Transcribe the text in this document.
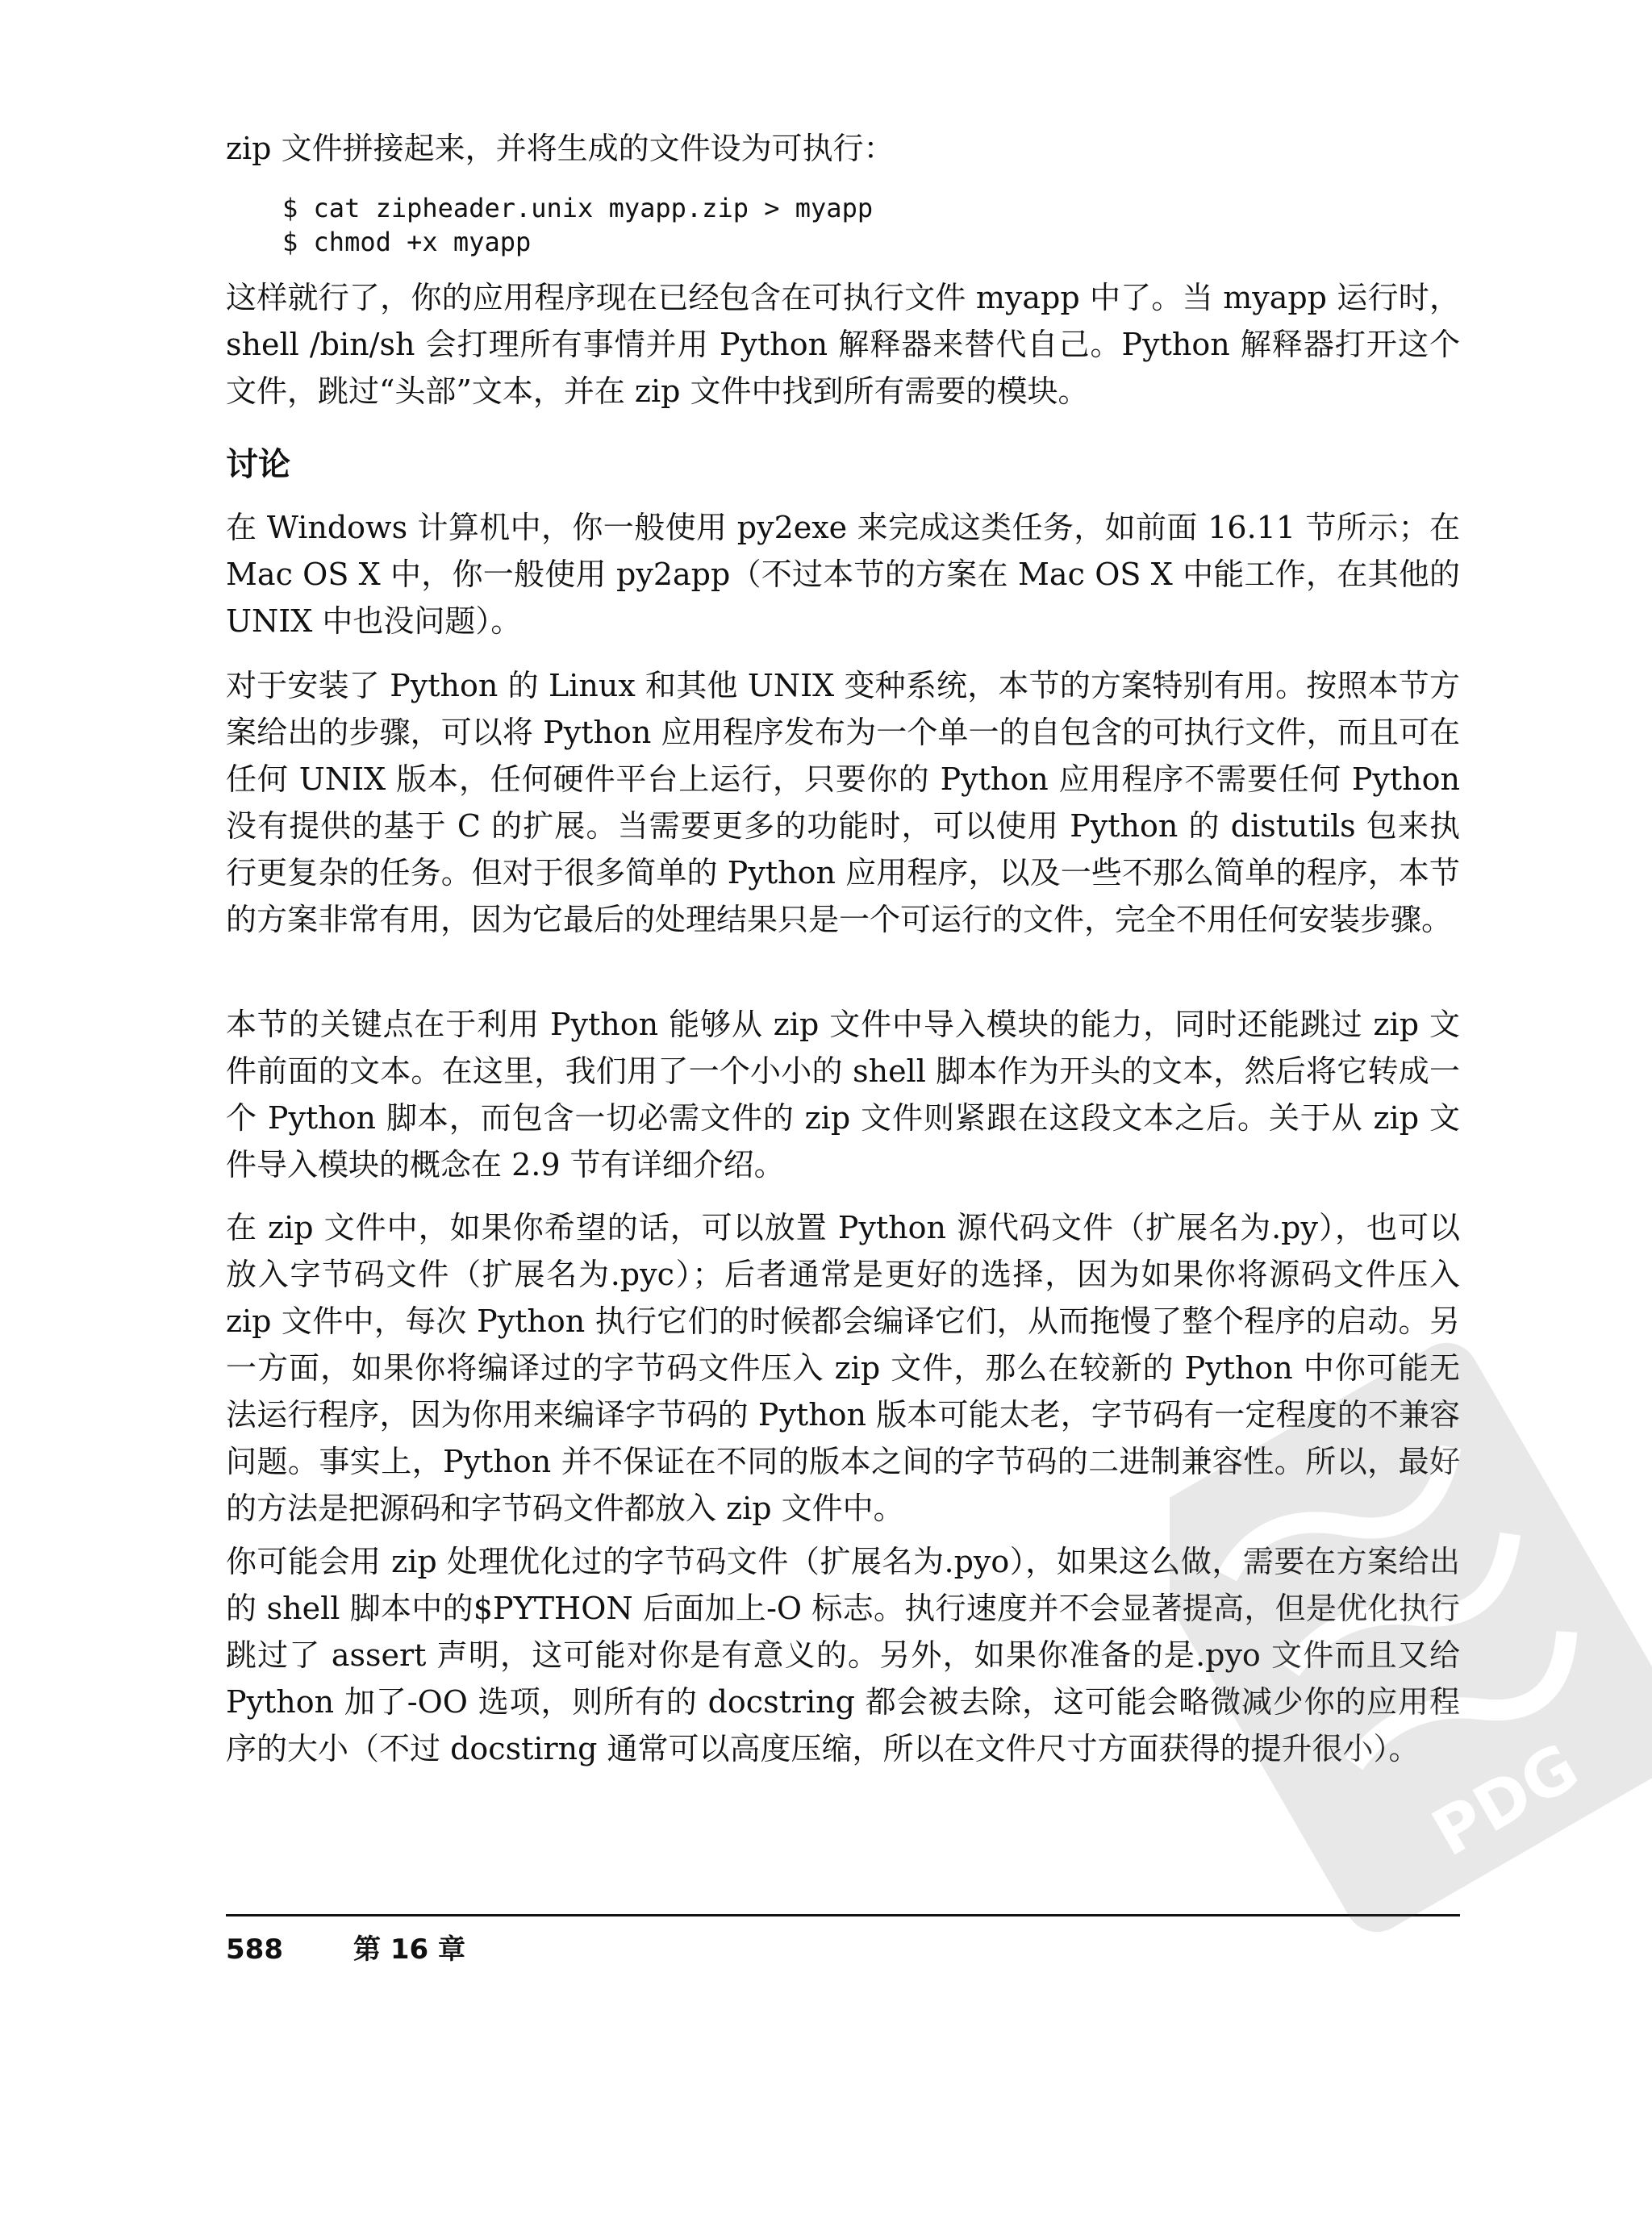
zip 文件拼接起来，并将生成的文件设为可执行：

$ cat zipheader.unix myapp.zip > myapp
$ chmod +x myapp

这样就行了，你的应用程序现在已经包含在可执行文件 myapp 中了。当 myapp 运行时，shell /bin/sh 会打理所有事情并用 Python 解释器来替代自己。Python 解释器打开这个文件，跳过“头部”文本，并在 zip 文件中找到所有需要的模块。

讨论

在 Windows 计算机中，你一般使用 py2exe 来完成这类任务，如前面 16.11 节所示；在 Mac OS X 中，你一般使用 py2app（不过本节的方案在 Mac OS X 中能工作，在其他的 UNIX 中也没问题）。

对于安装了 Python 的 Linux 和其他 UNIX 变种系统，本节的方案特别有用。按照本节方案给出的步骤，可以将 Python 应用程序发布为一个单一的自包含的可执行文件，而且可在任何 UNIX 版本，任何硬件平台上运行，只要你的 Python 应用程序不需要任何 Python 没有提供的基于 C 的扩展。当需要更多的功能时，可以使用 Python 的 distutils 包来执行更复杂的任务。但对于很多简单的 Python 应用程序，以及一些不那么简单的程序，本节的方案非常有用，因为它最后的处理结果只是一个可运行的文件，完全不用任何安装步骤。

本节的关键点在于利用 Python 能够从 zip 文件中导入模块的能力，同时还能跳过 zip 文件前面的文本。在这里，我们用了一个小小的 shell 脚本作为开头的文本，然后将它转成一个 Python 脚本，而包含一切必需文件的 zip 文件则紧跟在这段文本之后。关于从 zip 文件导入模块的概念在 2.9 节有详细介绍。

在 zip 文件中，如果你希望的话，可以放置 Python 源代码文件（扩展名为.py），也可以放入字节码文件（扩展名为.pyc）；后者通常是更好的选择，因为如果你将源码文件压入 zip 文件中，每次 Python 执行它们的时候都会编译它们，从而拖慢了整个程序的启动。另一方面，如果你将编译过的字节码文件压入 zip 文件，那么在较新的 Python 中你可能无法运行程序，因为你用来编译字节码的 Python 版本可能太老，字节码有一定程度的不兼容问题。事实上，Python 并不保证在不同的版本之间的字节码的二进制兼容性。所以，最好的方法是把源码和字节码文件都放入 zip 文件中。

你可能会用 zip 处理优化过的字节码文件（扩展名为.pyo），如果这么做，需要在方案给出的 shell 脚本中的$PYTHON 后面加上-O 标志。执行速度并不会显著提高，但是优化执行跳过了 assert 声明，这可能对你是有意义的。另外，如果你准备的是.pyo 文件而且又给 Python 加了-OO 选项，则所有的 docstring 都会被去除，这可能会略微减少你的应用程序的大小（不过 docstirng 通常可以高度压缩，所以在文件尺寸方面获得的提升很小）。

588	第 16 章
PDG
